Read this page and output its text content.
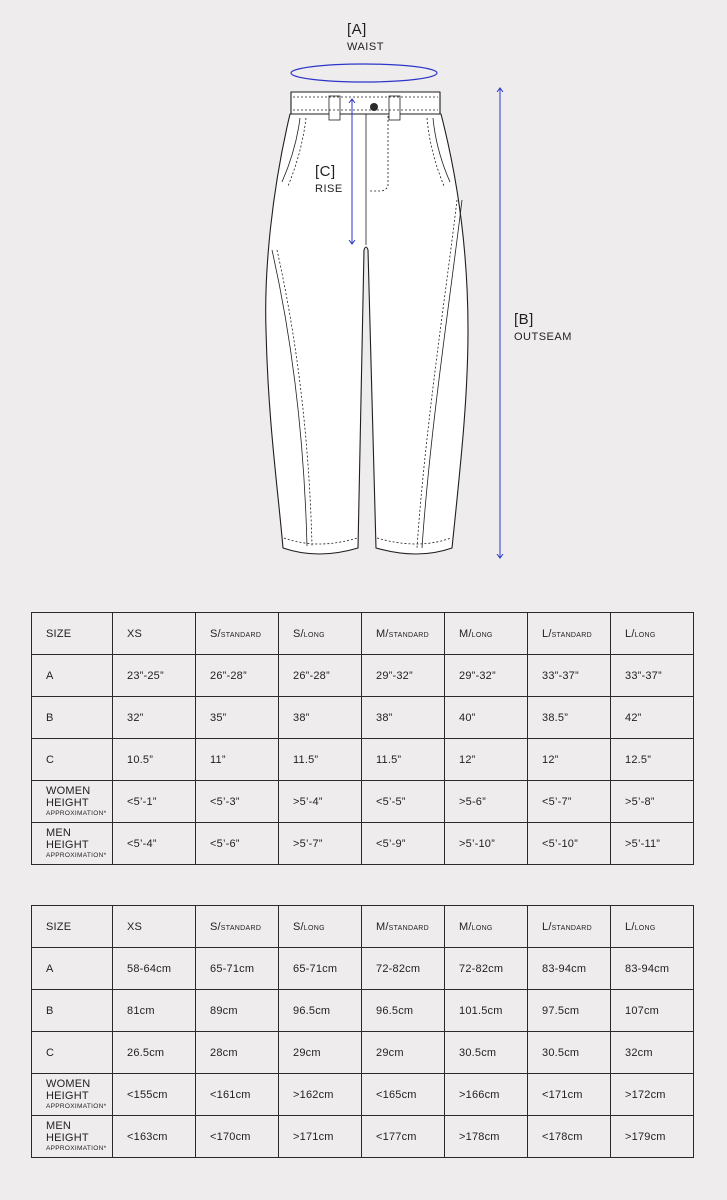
[A]
WAIST
[C]
RISE
[B]
OUTSEAM
SIZE	XS	S/STANDARD	S/LONG	M/STANDARD	M/LONG	L/STANDARD	L/LONG
A	23”-25”	26”-28”	26”-28”	29”-32”	29”-32”	33”-37”	33”-37”
B	32”	35”	38”	38”	40”	38.5”	42”
C	10.5”	11”	11.5”	11.5”	12”	12”	12.5”
WOMEN
HEIGHT
APPROXIMATION*	<5’-1”	<5’-3”	>5’-4”	<5’-5”	>5-6”	<5’-7”	>5’-8”
MEN
HEIGHT
APPROXIMATION*	<5’-4”	<5’-6”	>5’-7”	<5’-9”	>5’-10”	<5’-10”	>5’-11”
SIZE	XS	S/STANDARD	S/LONG	M/STANDARD	M/LONG	L/STANDARD	L/LONG
A	58-64cm	65-71cm	65-71cm	72-82cm	72-82cm	83-94cm	83-94cm
B	81cm	89cm	96.5cm	96.5cm	101.5cm	97.5cm	107cm
C	26.5cm	28cm	29cm	29cm	30.5cm	30.5cm	32cm
WOMEN
HEIGHT
APPROXIMATION*	<155cm	<161cm	>162cm	<165cm	>166cm	<171cm	>172cm
MEN
HEIGHT
APPROXIMATION*	<163cm	<170cm	>171cm	<177cm	>178cm	<178cm	>179cm
